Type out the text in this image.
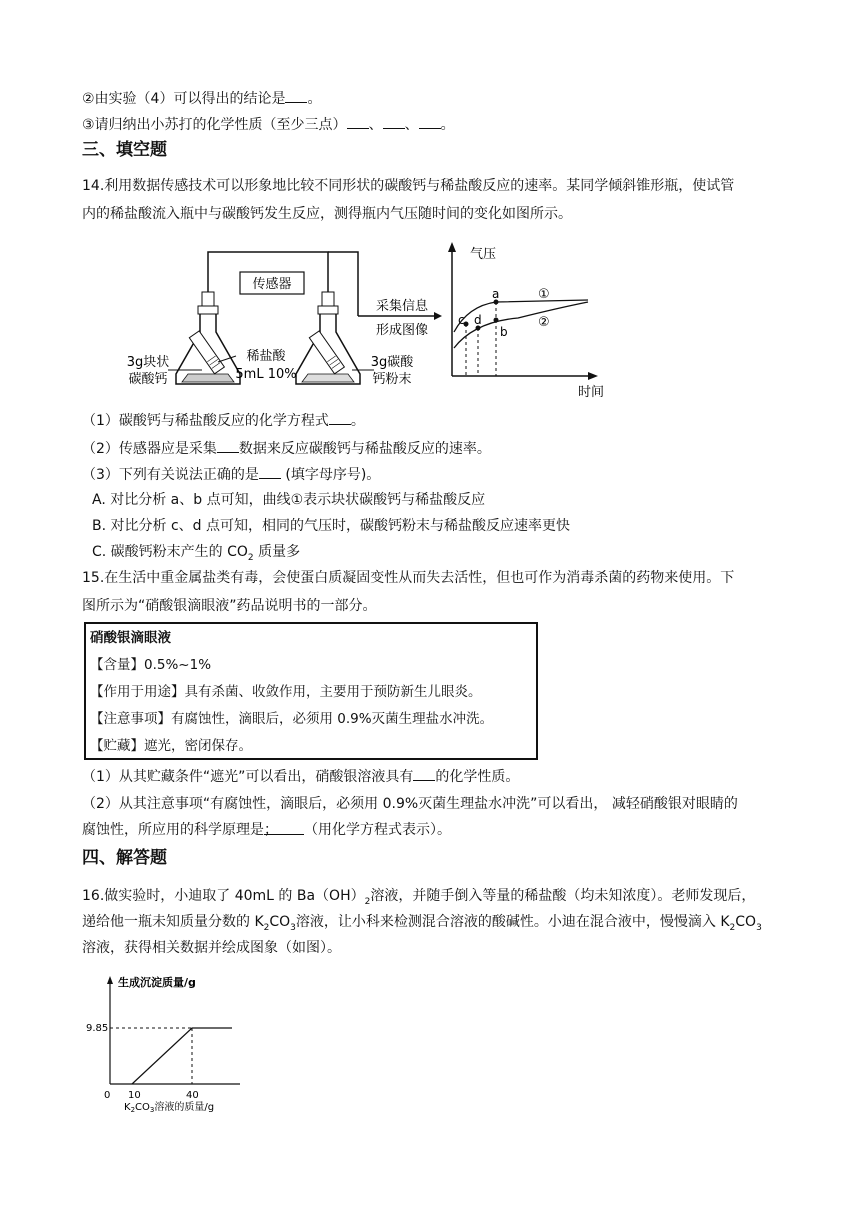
②由实验（4）可以得出的结论是 。
③请归纳出小苏打的化学性质（至少三点） 、 、 。
三、填空题
14.利用数据传感技术可以形象地比较不同形状的碳酸钙与稀盐酸反应的速率。某同学倾斜锥形瓶，使试管
内的稀盐酸流入瓶中与碳酸钙发生反应，测得瓶内气压随时间的变化如图所示。
传感器
3g块状
碳酸钙
稀盐酸
5mL 10%
3g碳酸
钙粉末
采集信息
形成图像
气压
时间
a
b
c d
①
②
（1）碳酸钙与稀盐酸反应的化学方程式 。
（2）传感器应是采集 数据来反应碳酸钙与稀盐酸反应的速率。
（3）下列有关说法正确的是 (填字母序号)。
A. 对比分析 a、b 点可知，曲线①表示块状碳酸钙与稀盐酸反应
B. 对比分析 c、d 点可知，相同的气压时，碳酸钙粉末与稀盐酸反应速率更快
C. 碳酸钙粉末产生的 $CO_2$ 质量多
15.在生活中重金属盐类有毒，会使蛋白质凝固变性从而失去活性，但也可作为消毒杀菌的药物来使用。下
图所示为“硝酸银滴眼液”药品说明书的一部分。
硝酸银滴眼液
【含量】0.5%~1%
【作用于用途】具有杀菌、收敛作用，主要用于预防新生儿眼炎。
【注意事项】有腐蚀性，滴眼后，必须用 0.9%灭菌生理盐水冲洗。
【贮藏】遮光，密闭保存。
（1）从其贮藏条件“遮光”可以看出，硝酸银溶液具有 的化学性质。
（2）从其注意事项“有腐蚀性，滴眼后，必须用 0.9%灭菌生理盐水冲洗”可以看出， 减轻硝酸银对眼睛的
腐蚀性，所应用的科学原理是； （用化学方程式表示）。
四、解答题
16.做实验时，小迪取了 40mL 的 $Ba(OH)_2$溶液，并随手倒入等量的稀盐酸（均未知浓度）。老师发现后，
递给他一瓶未知质量分数的 $K_2CO_3$溶液，让小科来检测混合溶液的酸碱性。小迪在混合液中，慢慢滴入 $K_2CO_3$
溶液，获得相关数据并绘成图象（如图）。
生成沉淀质量/g
9.85
0 10	40
$K_2CO_3$溶液的质量/g
